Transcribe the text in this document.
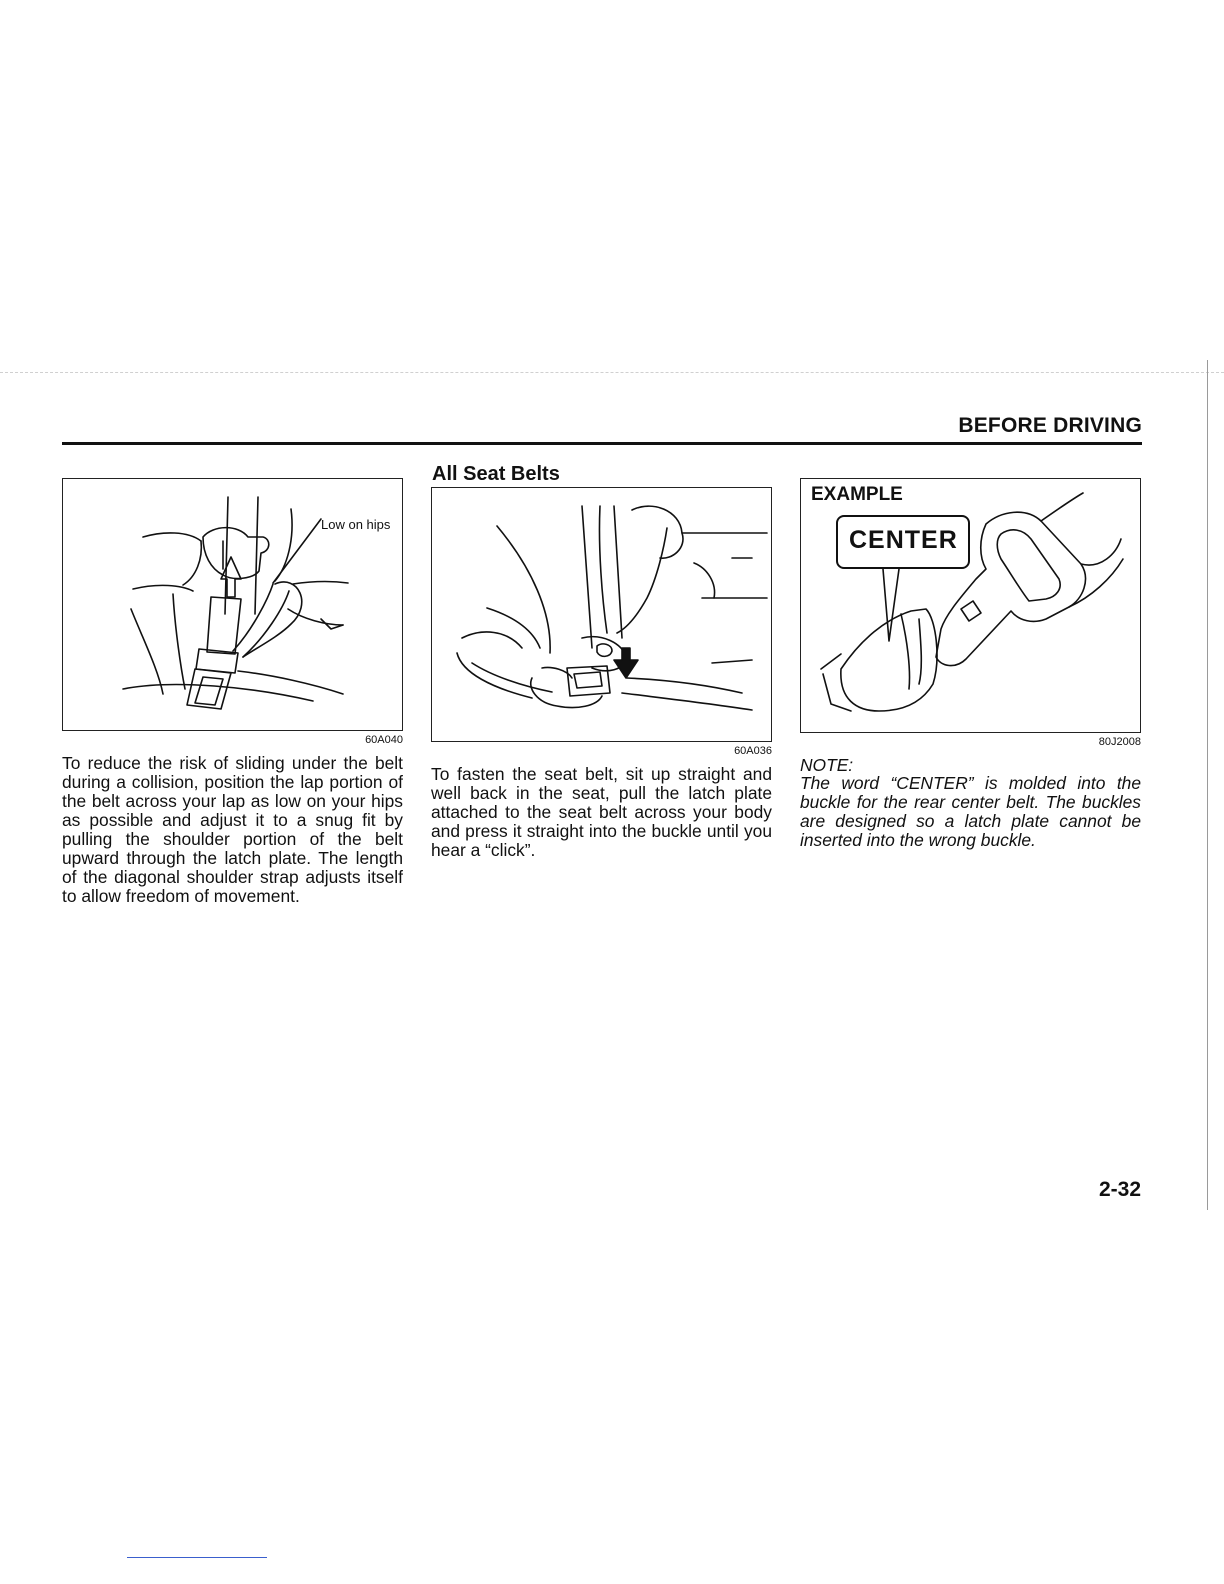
BEFORE DRIVING
Low on hips
60A040

To reduce the risk of sliding under the belt during a collision, position the lap portion of the belt across your lap as low on your hips as possible and adjust it to a snug fit by pulling the shoulder portion of the belt upward through the latch plate. The length of the diagonal shoulder strap adjusts itself to allow freedom of movement.

All Seat Belts
60A036

To fasten the seat belt, sit up straight and well back in the seat, pull the latch plate attached to the seat belt across your body and press it straight into the buckle until you hear a “click”.

EXAMPLE
CENTER
80J2008
NOTE:

The word “CENTER” is molded into the buckle for the rear center belt. The buckles are designed so a latch plate cannot be inserted into the wrong buckle.

2-32
